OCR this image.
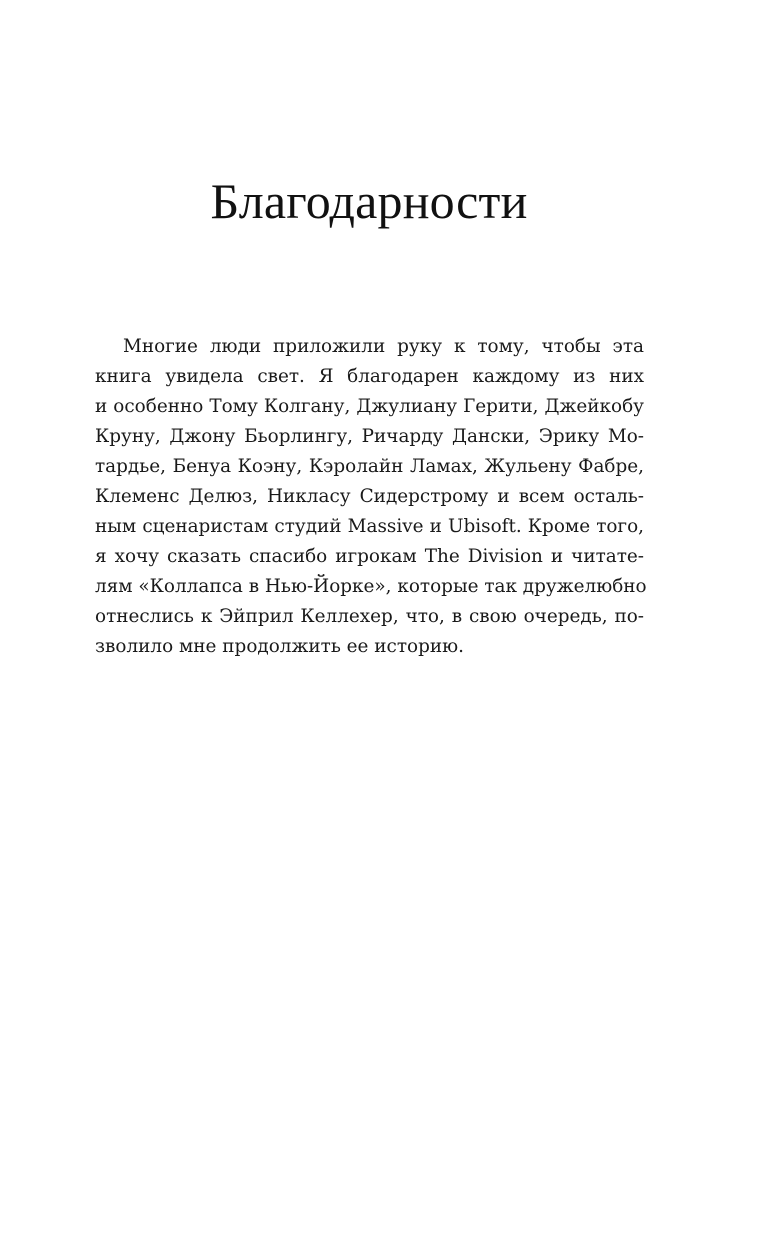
Благодарности
Многие люди приложили руку к тому, чтобы эта
книга увидела свет. Я благодарен каждому из них
и особенно Тому Колгану, Джулиану Герити, Джейкобу
Круну, Джону Бьорлингу, Ричарду Дански, Эрику Мо-
тардье, Бенуа Коэну, Кэролайн Ламах, Жульену Фабре,
Клеменс Делюз, Никласу Сидерстрому и всем осталь-
ным сценаристам студий Massive и Ubisoft. Кроме того,
я хочу сказать спасибо игрокам The Division и читате-
лям «Коллапса в Нью-Йорке», которые так дружелюбно
отнеслись к Эйприл Келлехер, что, в свою очередь, по-
зволило мне продолжить ее историю.
